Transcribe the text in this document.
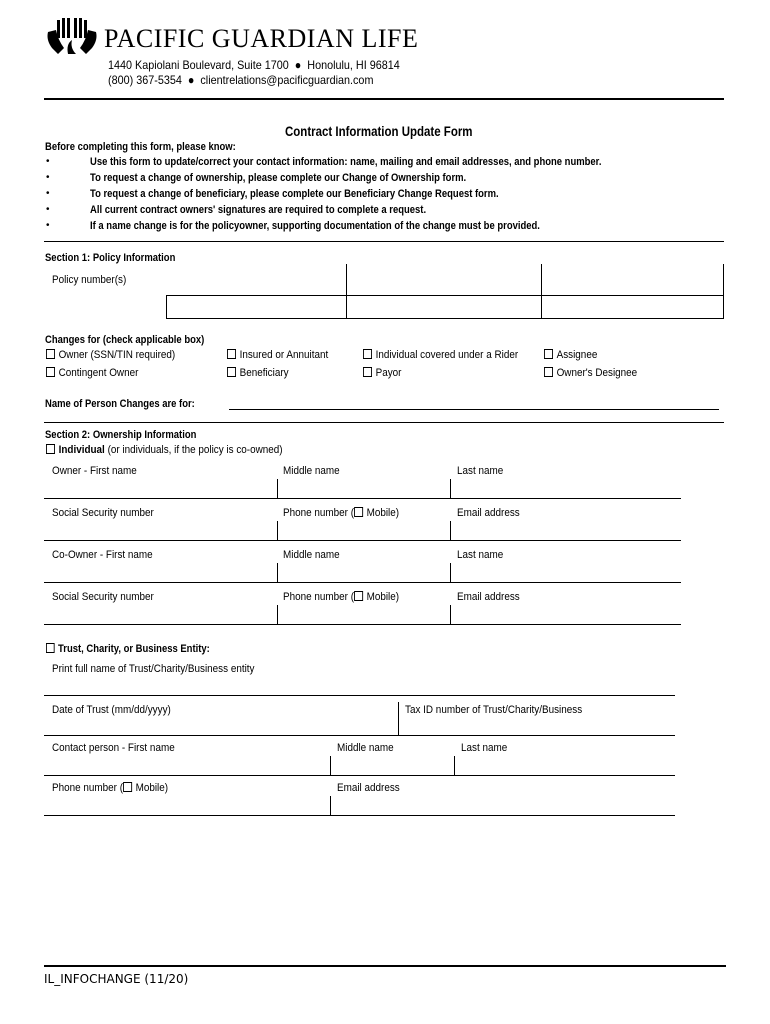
PACIFIC GUARDIAN LIFE
1440 Kapiolani Boulevard, Suite 1700  ●  Honolulu, HI 96814
(800) 367-5354  ●  clientrelations@pacificguardian.com
Contract Information Update Form
Before completing this form, please know:
•	Use this form to update/correct your contact information: name, mailing and email addresses, and phone number.
•	To request a change of ownership, please complete our Change of Ownership form.
•	To request a change of beneficiary, please complete our Beneficiary Change Request form.
•	All current contract owners' signatures are required to complete a request.
•	If a name change is for the policyowner, supporting documentation of the change must be provided.
Section 1: Policy Information
Policy number(s)
Changes for (check applicable box)
Owner (SSN/TIN required)	Insured or Annuitant	Individual covered under a Rider	Assignee
Contingent Owner	Beneficiary	Payor	Owner's Designee
Name of Person Changes are for:
Section 2: Ownership Information
Individual (or individuals, if the policy is co-owned)
Owner - First name	Middle name	Last name
Social Security number	Phone number ( Mobile)	Email address
Co-Owner - First name	Middle name	Last name
Social Security number	Phone number ( Mobile)	Email address
Trust, Charity, or Business Entity:
Print full name of Trust/Charity/Business entity
Date of Trust (mm/dd/yyyy)	Tax ID number of Trust/Charity/Business
Contact person - First name	Middle name	Last name
Phone number ( Mobile)	Email address
IL_INFOCHANGE (11/20)
